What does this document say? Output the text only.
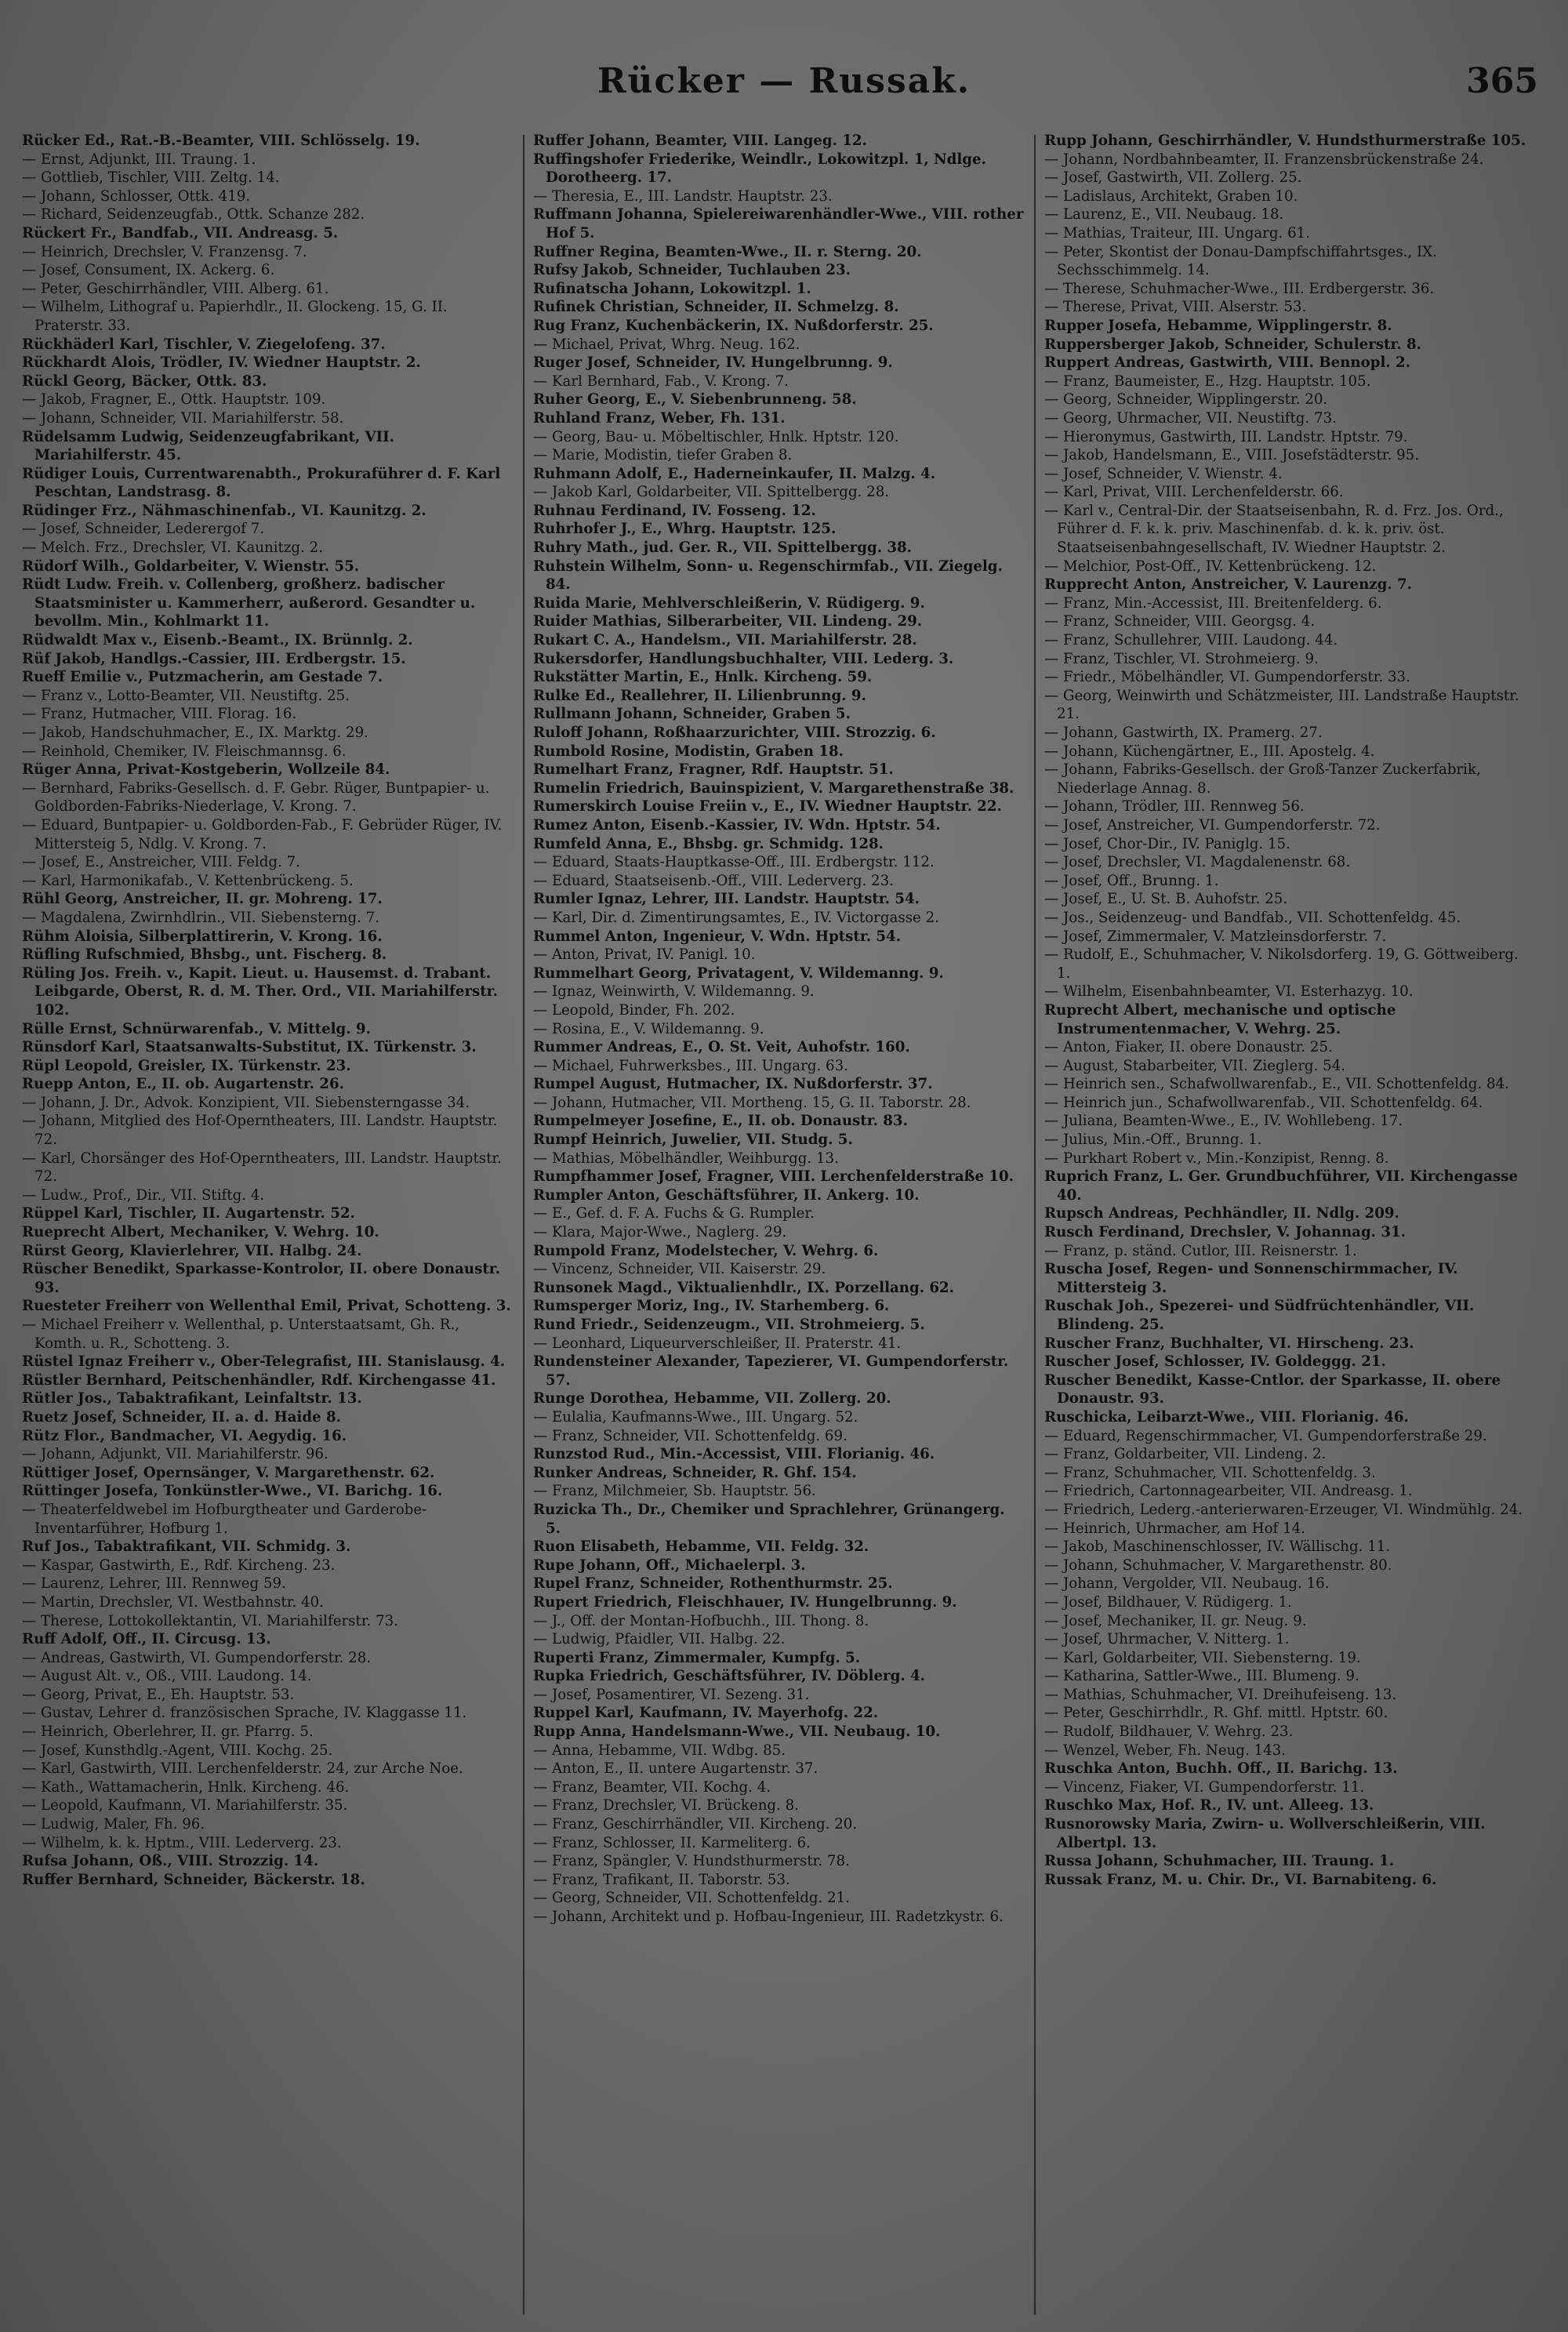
Rücker — Russak.	365

Rücker Ed., Rat.-B.-Beamter, VIII. Schlösselg. 19.

— Ernst, Adjunkt, III. Traung. 1.

— Gottlieb, Tischler, VIII. Zeltg. 14.

— Johann, Schlosser, Ottk. 419.

— Richard, Seidenzeugfab., Ottk. Schanze 282.

Rückert Fr., Bandfab., VII. Andreasg. 5.

— Heinrich, Drechsler, V. Franzensg. 7.

— Josef, Consument, IX. Ackerg. 6.

— Peter, Geschirrhändler, VIII. Alberg. 61.

— Wilhelm, Lithograf u. Papierhdlr., II. Glockeng. 15, G. II. Praterstr. 33.

Rückhäderl Karl, Tischler, V. Ziegelofeng. 37.

Rückhardt Alois, Trödler, IV. Wiedner Hauptstr. 2.

Rückl Georg, Bäcker, Ottk. 83.

— Jakob, Fragner, E., Ottk. Hauptstr. 109.

— Johann, Schneider, VII. Mariahilferstr. 58.

Rüdelsamm Ludwig, Seidenzeugfabrikant, VII. Mariahilferstr. 45.

Rüdiger Louis, Currentwarenabth., Prokuraführer d. F. Karl Peschtan, Landstrasg. 8.

Rüdinger Frz., Nähmaschinenfab., VI. Kaunitzg. 2.

— Josef, Schneider, Lederergof 7.

— Melch. Frz., Drechsler, VI. Kaunitzg. 2.

Rüdorf Wilh., Goldarbeiter, V. Wienstr. 55.

Rüdt Ludw. Freih. v. Collenberg, großherz. badischer Staatsminister u. Kammerherr, außerord. Gesandter u. bevollm. Min., Kohlmarkt 11.

Rüdwaldt Max v., Eisenb.-Beamt., IX. Brünnlg. 2.

Rüf Jakob, Handlgs.-Cassier, III. Erdbergstr. 15.

Rueff Emilie v., Putzmacherin, am Gestade 7.

— Franz v., Lotto-Beamter, VII. Neustiftg. 25.

— Franz, Hutmacher, VIII. Florag. 16.

— Jakob, Handschuhmacher, E., IX. Marktg. 29.

— Reinhold, Chemiker, IV. Fleischmannsg. 6.

Rüger Anna, Privat-Kostgeberin, Wollzeile 84.

— Bernhard, Fabriks-Gesellsch. d. F. Gebr. Rüger, Buntpapier- u. Goldborden-Fabriks-Niederlage, V. Krong. 7.

— Eduard, Buntpapier- u. Goldborden-Fab., F. Gebrüder Rüger, IV. Mittersteig 5, Ndlg. V. Krong. 7.

— Josef, E., Anstreicher, VIII. Feldg. 7.

— Karl, Harmonikafab., V. Kettenbrückeng. 5.

Rühl Georg, Anstreicher, II. gr. Mohreng. 17.

— Magdalena, Zwirnhdlrin., VII. Siebensterng. 7.

Rühm Aloisia, Silberplattirerin, V. Krong. 16.

Rüfling Rufschmied, Bhsbg., unt. Fischerg. 8.

Rüling Jos. Freih. v., Kapit. Lieut. u. Hausemst. d. Trabant. Leibgarde, Oberst, R. d. M. Ther. Ord., VII. Mariahilferstr. 102.

Rülle Ernst, Schnürwarenfab., V. Mittelg. 9.

Rünsdorf Karl, Staatsanwalts-Substitut, IX. Türkenstr. 3.

Rüpl Leopold, Greisler, IX. Türkenstr. 23.

Ruepp Anton, E., II. ob. Augartenstr. 26.

— Johann, J. Dr., Advok. Konzipient, VII. Siebensterngasse 34.

— Johann, Mitglied des Hof-Operntheaters, III. Landstr. Hauptstr. 72.

— Karl, Chorsänger des Hof-Operntheaters, III. Landstr. Hauptstr. 72.

— Ludw., Prof., Dir., VII. Stiftg. 4.

Rüppel Karl, Tischler, II. Augartenstr. 52.

Rueprecht Albert, Mechaniker, V. Wehrg. 10.

Rürst Georg, Klavierlehrer, VII. Halbg. 24.

Rüscher Benedikt, Sparkasse-Kontrolor, II. obere Donaustr. 93.

Ruesteter Freiherr von Wellenthal Emil, Privat, Schotteng. 3.

— Michael Freiherr v. Wellenthal, p. Unterstaatsamt, Gh. R., Komth. u. R., Schotteng. 3.

Rüstel Ignaz Freiherr v., Ober-Telegrafist, III. Stanislausg. 4.

Rüstler Bernhard, Peitschenhändler, Rdf. Kirchengasse 41.

Rütler Jos., Tabaktrafikant, Leinfaltstr. 13.

Ruetz Josef, Schneider, II. a. d. Haide 8.

Rütz Flor., Bandmacher, VI. Aegydig. 16.

— Johann, Adjunkt, VII. Mariahilferstr. 96.

Rüttiger Josef, Opernsänger, V. Margarethenstr. 62.

Rüttinger Josefa, Tonkünstler-Wwe., VI. Barichg. 16.

— Theaterfeldwebel im Hofburgtheater und Garderobe-Inventarführer, Hofburg 1.

Ruf Jos., Tabaktrafikant, VII. Schmidg. 3.

— Kaspar, Gastwirth, E., Rdf. Kircheng. 23.

— Laurenz, Lehrer, III. Rennweg 59.

— Martin, Drechsler, VI. Westbahnstr. 40.

— Therese, Lottokollektantin, VI. Mariahilferstr. 73.

Ruff Adolf, Off., II. Circusg. 13.

— Andreas, Gastwirth, VI. Gumpendorferstr. 28.

— August Alt. v., Oß., VIII. Laudong. 14.

— Georg, Privat, E., Eh. Hauptstr. 53.

— Gustav, Lehrer d. französischen Sprache, IV. Klaggasse 11.

— Heinrich, Oberlehrer, II. gr. Pfarrg. 5.

— Josef, Kunsthdlg.-Agent, VIII. Kochg. 25.

— Karl, Gastwirth, VIII. Lerchenfelderstr. 24, zur Arche Noe.

— Kath., Wattamacherin, Hnlk. Kircheng. 46.

— Leopold, Kaufmann, VI. Mariahilferstr. 35.

— Ludwig, Maler, Fh. 96.

— Wilhelm, k. k. Hptm., VIII. Lederverg. 23.

Rufsa Johann, Oß., VIII. Strozzig. 14.

Ruffer Bernhard, Schneider, Bäckerstr. 18.

Ruffer Johann, Beamter, VIII. Langeg. 12.

Ruffingshofer Friederike, Weindlr., Lokowitzpl. 1, Ndlge. Dorotheerg. 17.

— Theresia, E., III. Landstr. Hauptstr. 23.

Ruffmann Johanna, Spielereiwarenhändler-Wwe., VIII. rother Hof 5.

Ruffner Regina, Beamten-Wwe., II. r. Sterng. 20.

Rufsy Jakob, Schneider, Tuchlauben 23.

Rufinatscha Johann, Lokowitzpl. 1.

Rufinek Christian, Schneider, II. Schmelzg. 8.

Rug Franz, Kuchenbäckerin, IX. Nußdorferstr. 25.

— Michael, Privat, Whrg. Neug. 162.

Ruger Josef, Schneider, IV. Hungelbrunng. 9.

— Karl Bernhard, Fab., V. Krong. 7.

Ruher Georg, E., V. Siebenbrunneng. 58.

Ruhland Franz, Weber, Fh. 131.

— Georg, Bau- u. Möbeltischler, Hnlk. Hptstr. 120.

— Marie, Modistin, tiefer Graben 8.

Ruhmann Adolf, E., Haderneinkaufer, II. Malzg. 4.

— Jakob Karl, Goldarbeiter, VII. Spittelbergg. 28.

Ruhnau Ferdinand, IV. Fosseng. 12.

Ruhrhofer J., E., Whrg. Hauptstr. 125.

Ruhry Math., jud. Ger. R., VII. Spittelbergg. 38.

Ruhstein Wilhelm, Sonn- u. Regenschirmfab., VII. Ziegelg. 84.

Ruida Marie, Mehlverschleißerin, V. Rüdigerg. 9.

Ruider Mathias, Silberarbeiter, VII. Lindeng. 29.

Rukart C. A., Handelsm., VII. Mariahilferstr. 28.

Rukersdorfer, Handlungsbuchhalter, VIII. Lederg. 3.

Rukstätter Martin, E., Hnlk. Kircheng. 59.

Rulke Ed., Reallehrer, II. Lilienbrunng. 9.

Rullmann Johann, Schneider, Graben 5.

Ruloff Johann, Roßhaarzurichter, VIII. Strozzig. 6.

Rumbold Rosine, Modistin, Graben 18.

Rumelhart Franz, Fragner, Rdf. Hauptstr. 51.

Rumelin Friedrich, Bauinspizient, V. Margarethenstraße 38.

Rumerskirch Louise Freiin v., E., IV. Wiedner Hauptstr. 22.

Rumez Anton, Eisenb.-Kassier, IV. Wdn. Hptstr. 54.

Rumfeld Anna, E., Bhsbg. gr. Schmidg. 128.

— Eduard, Staats-Hauptkasse-Off., III. Erdbergstr. 112.

— Eduard, Staatseisenb.-Off., VIII. Lederverg. 23.

Rumler Ignaz, Lehrer, III. Landstr. Hauptstr. 54.

— Karl, Dir. d. Zimentirungsamtes, E., IV. Victorgasse 2.

Rummel Anton, Ingenieur, V. Wdn. Hptstr. 54.

— Anton, Privat, IV. Panigl. 10.

Rummelhart Georg, Privatagent, V. Wildemanng. 9.

— Ignaz, Weinwirth, V. Wildemanng. 9.

— Leopold, Binder, Fh. 202.

— Rosina, E., V. Wildemanng. 9.

Rummer Andreas, E., O. St. Veit, Auhofstr. 160.

— Michael, Fuhrwerksbes., III. Ungarg. 63.

Rumpel August, Hutmacher, IX. Nußdorferstr. 37.

— Johann, Hutmacher, VII. Mortheng. 15, G. II. Taborstr. 28.

Rumpelmeyer Josefine, E., II. ob. Donaustr. 83.

Rumpf Heinrich, Juwelier, VII. Studg. 5.

— Mathias, Möbelhändler, Weihburgg. 13.

Rumpfhammer Josef, Fragner, VIII. Lerchenfelderstraße 10.

Rumpler Anton, Geschäftsführer, II. Ankerg. 10.

— E., Gef. d. F. A. Fuchs & G. Rumpler.

— Klara, Major-Wwe., Naglerg. 29.

Rumpold Franz, Modelstecher, V. Wehrg. 6.

— Vincenz, Schneider, VII. Kaiserstr. 29.

Runsonek Magd., Viktualienhdlr., IX. Porzellang. 62.

Rumsperger Moriz, Ing., IV. Starhemberg. 6.

Rund Friedr., Seidenzeugm., VII. Strohmeierg. 5.

— Leonhard, Liqueurverschleißer, II. Praterstr. 41.

Rundensteiner Alexander, Tapezierer, VI. Gumpendorferstr. 57.

Runge Dorothea, Hebamme, VII. Zollerg. 20.

— Eulalia, Kaufmanns-Wwe., III. Ungarg. 52.

— Franz, Schneider, VII. Schottenfeldg. 69.

Runzstod Rud., Min.-Accessist, VIII. Florianig. 46.

Runker Andreas, Schneider, R. Ghf. 154.

— Franz, Milchmeier, Sb. Hauptstr. 56.

Ruzicka Th., Dr., Chemiker und Sprachlehrer, Grünangerg. 5.

Ruon Elisabeth, Hebamme, VII. Feldg. 32.

Rupe Johann, Off., Michaelerpl. 3.

Rupel Franz, Schneider, Rothenthurmstr. 25.

Rupert Friedrich, Fleischhauer, IV. Hungelbrunng. 9.

— J., Off. der Montan-Hofbuchh., III. Thong. 8.

— Ludwig, Pfaidler, VII. Halbg. 22.

Ruperti Franz, Zimmermaler, Kumpfg. 5.

Rupka Friedrich, Geschäftsführer, IV. Döblerg. 4.

— Josef, Posamentirer, VI. Sezeng. 31.

Ruppel Karl, Kaufmann, IV. Mayerhofg. 22.

Rupp Anna, Handelsmann-Wwe., VII. Neubaug. 10.

— Anna, Hebamme, VII. Wdbg. 85.

— Anton, E., II. untere Augartenstr. 37.

— Franz, Beamter, VII. Kochg. 4.

— Franz, Drechsler, VI. Brückeng. 8.

— Franz, Geschirrhändler, VII. Kircheng. 20.

— Franz, Schlosser, II. Karmeliterg. 6.

— Franz, Spängler, V. Hundsthurmerstr. 78.

— Franz, Trafikant, II. Taborstr. 53.

— Georg, Schneider, VII. Schottenfeldg. 21.

— Johann, Architekt und p. Hofbau-Ingenieur, III. Radetzkystr. 6.

Rupp Johann, Geschirrhändler, V. Hundsthurmerstraße 105.

— Johann, Nordbahnbeamter, II. Franzensbrückenstraße 24.

— Josef, Gastwirth, VII. Zollerg. 25.

— Ladislaus, Architekt, Graben 10.

— Laurenz, E., VII. Neubaug. 18.

— Mathias, Traiteur, III. Ungarg. 61.

— Peter, Skontist der Donau-Dampfschiffahrtsges., IX. Sechsschimmelg. 14.

— Therese, Schuhmacher-Wwe., III. Erdbergerstr. 36.

— Therese, Privat, VIII. Alserstr. 53.

Rupper Josefa, Hebamme, Wipplingerstr. 8.

Ruppersberger Jakob, Schneider, Schulerstr. 8.

Ruppert Andreas, Gastwirth, VIII. Bennopl. 2.

— Franz, Baumeister, E., Hzg. Hauptstr. 105.

— Georg, Schneider, Wipplingerstr. 20.

— Georg, Uhrmacher, VII. Neustiftg. 73.

— Hieronymus, Gastwirth, III. Landstr. Hptstr. 79.

— Jakob, Handelsmann, E., VIII. Josefstädterstr. 95.

— Josef, Schneider, V. Wienstr. 4.

— Karl, Privat, VIII. Lerchenfelderstr. 66.

— Karl v., Central-Dir. der Staatseisenbahn, R. d. Frz. Jos. Ord., Führer d. F. k. k. priv. Maschinenfab. d. k. k. priv. öst. Staatseisenbahngesellschaft, IV. Wiedner Hauptstr. 2.

— Melchior, Post-Off., IV. Kettenbrückeng. 12.

Rupprecht Anton, Anstreicher, V. Laurenzg. 7.

— Franz, Min.-Accessist, III. Breitenfelderg. 6.

— Franz, Schneider, VIII. Georgsg. 4.

— Franz, Schullehrer, VIII. Laudong. 44.

— Franz, Tischler, VI. Strohmeierg. 9.

— Friedr., Möbelhändler, VI. Gumpendorferstr. 33.

— Georg, Weinwirth und Schätzmeister, III. Landstraße Hauptstr. 21.

— Johann, Gastwirth, IX. Pramerg. 27.

— Johann, Küchengärtner, E., III. Apostelg. 4.

— Johann, Fabriks-Gesellsch. der Groß-Tanzer Zuckerfabrik, Niederlage Annag. 8.

— Johann, Trödler, III. Rennweg 56.

— Josef, Anstreicher, VI. Gumpendorferstr. 72.

— Josef, Chor-Dir., IV. Paniglg. 15.

— Josef, Drechsler, VI. Magdalenenstr. 68.

— Josef, Off., Brunng. 1.

— Josef, E., U. St. B. Auhofstr. 25.

— Jos., Seidenzeug- und Bandfab., VII. Schottenfeldg. 45.

— Josef, Zimmermaler, V. Matzleinsdorferstr. 7.

— Rudolf, E., Schuhmacher, V. Nikolsdorferg. 19, G. Göttweiberg. 1.

— Wilhelm, Eisenbahnbeamter, VI. Esterhazyg. 10.

Ruprecht Albert, mechanische und optische Instrumentenmacher, V. Wehrg. 25.

— Anton, Fiaker, II. obere Donaustr. 25.

— August, Stabarbeiter, VII. Zieglerg. 54.

— Heinrich sen., Schafwollwarenfab., E., VII. Schottenfeldg. 84.

— Heinrich jun., Schafwollwarenfab., VII. Schottenfeldg. 64.

— Juliana, Beamten-Wwe., E., IV. Wohllebeng. 17.

— Julius, Min.-Off., Brunng. 1.

— Purkhart Robert v., Min.-Konzipist, Renng. 8.

Ruprich Franz, L. Ger. Grundbuchführer, VII. Kirchengasse 40.

Rupsch Andreas, Pechhändler, II. Ndlg. 209.

Rusch Ferdinand, Drechsler, V. Johannag. 31.

— Franz, p. ständ. Cutlor, III. Reisnerstr. 1.

Ruscha Josef, Regen- und Sonnenschirmmacher, IV. Mittersteig 3.

Ruschak Joh., Spezerei- und Südfrüchtenhändler, VII. Blindeng. 25.

Ruscher Franz, Buchhalter, VI. Hirscheng. 23.

Ruscher Josef, Schlosser, IV. Goldeggg. 21.

Ruscher Benedikt, Kasse-Cntlor. der Sparkasse, II. obere Donaustr. 93.

Ruschicka, Leibarzt-Wwe., VIII. Florianig. 46.

— Eduard, Regenschirmmacher, VI. Gumpendorferstraße 29.

— Franz, Goldarbeiter, VII. Lindeng. 2.

— Franz, Schuhmacher, VII. Schottenfeldg. 3.

— Friedrich, Cartonnagearbeiter, VII. Andreasg. 1.

— Friedrich, Lederg.-anterierwaren-Erzeuger, VI. Windmühlg. 24.

— Heinrich, Uhrmacher, am Hof 14.

— Jakob, Maschinenschlosser, IV. Wällischg. 11.

— Johann, Schuhmacher, V. Margarethenstr. 80.

— Johann, Vergolder, VII. Neubaug. 16.

— Josef, Bildhauer, V. Rüdigerg. 1.

— Josef, Mechaniker, II. gr. Neug. 9.

— Josef, Uhrmacher, V. Nitterg. 1.

— Karl, Goldarbeiter, VII. Siebensterng. 19.

— Katharina, Sattler-Wwe., III. Blumeng. 9.

— Mathias, Schuhmacher, VI. Dreihufeiseng. 13.

— Peter, Geschirrhdlr., R. Ghf. mittl. Hptstr. 60.

— Rudolf, Bildhauer, V. Wehrg. 23.

— Wenzel, Weber, Fh. Neug. 143.

Ruschka Anton, Buchh. Off., II. Barichg. 13.

— Vincenz, Fiaker, VI. Gumpendorferstr. 11.

Ruschko Max, Hof. R., IV. unt. Alleeg. 13.

Rusnorowsky Maria, Zwirn- u. Wollverschleißerin, VIII. Albertpl. 13.

Russa Johann, Schuhmacher, III. Traung. 1.

Russak Franz, M. u. Chir. Dr., VI. Barnabiteng. 6.
